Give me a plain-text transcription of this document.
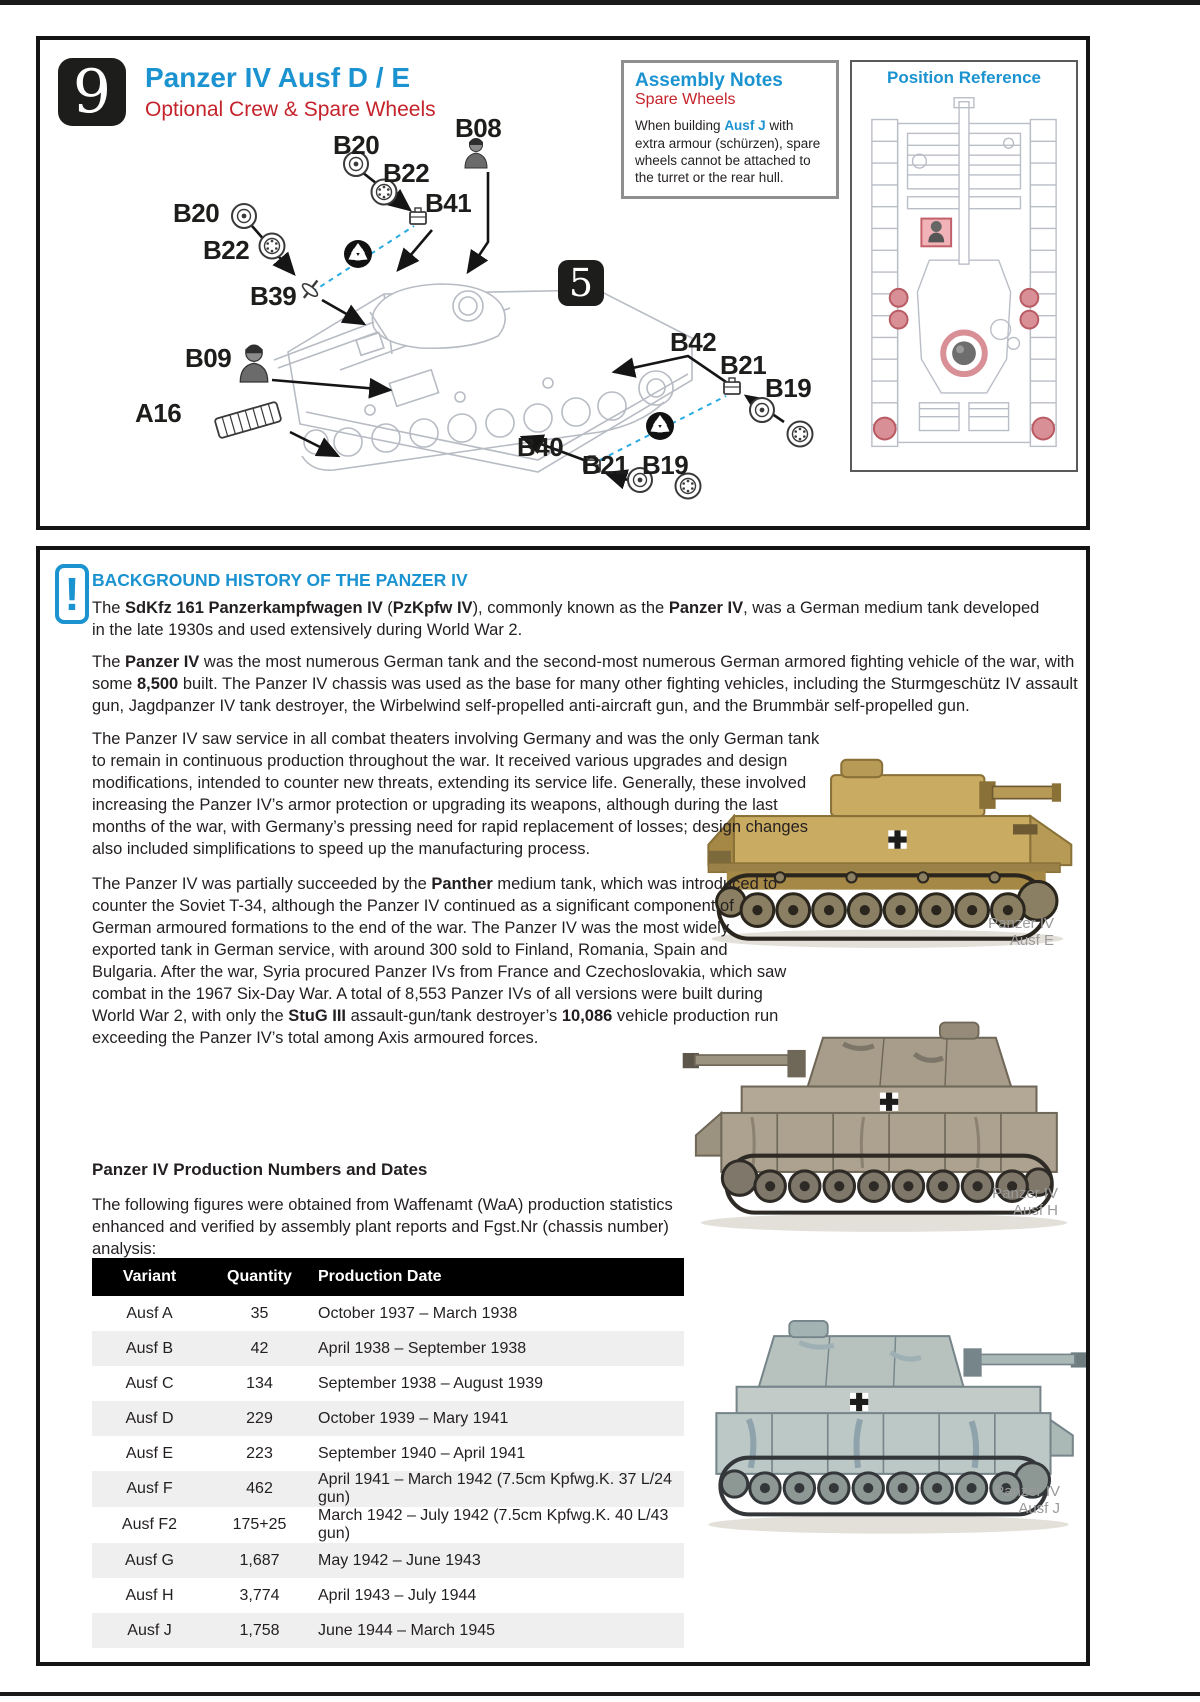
9	Panzer IV Ausf D / E
Optional Crew & Spare Wheels
5
B20
B22
B08
B41
B20
B22
B39
B09
A16
B42
B21
B19
B40
B21 B19
Assembly Notes
Spare Wheels
When building Ausf J with extra armour (schürzen), spare wheels cannot be attached to the turret or the rear hull.
Position Reference
! BACKGROUND HISTORY OF THE PANZER IV

The SdKfz 161 Panzerkampfwagen IV (PzKpfw IV), commonly known as the Panzer IV, was a German medium tank developed in the late 1930s and used extensively during World War 2.

The Panzer IV was the most numerous German tank and the second-most numerous German armored fighting vehicle of the war, with some 8,500 built. The Panzer IV chassis was used as the base for many other fighting vehicles, including the Sturmgeschütz IV assault gun, Jagdpanzer IV tank destroyer, the Wirbelwind self-propelled anti-aircraft gun, and the Brummbär self-propelled gun.

The Panzer IV saw service in all combat theaters involving Germany and was the only German tank to remain in continuous production throughout the war. It received various upgrades and design modifications, intended to counter new threats, extending its service life. Generally, these involved increasing the Panzer IV’s armor protection or upgrading its weapons, although during the last months of the war, with Germany’s pressing need for rapid replacement of losses; design changes also included simplifications to speed up the manufacturing process.

The Panzer IV was partially succeeded by the Panther medium tank, which was introduced to counter the Soviet T-34, although the Panzer IV continued as a significant component of German armoured formations to the end of the war. The Panzer IV was the most widely exported tank in German service, with around 300 sold to Finland, Romania, Spain and Bulgaria. After the war, Syria procured Panzer IVs from France and Czechoslovakia, which saw combat in the 1967 Six-Day War. A total of 8,553 Panzer IVs of all versions were built during World War 2, with only the StuG III assault-gun/tank destroyer’s 10,086 vehicle production run exceeding the Panzer IV’s total among Axis armoured forces.

Panzer IV Production Numbers and Dates

The following figures were obtained from Waffenamt (WaA) production statistics enhanced and verified by assembly plant reports and Fgst.Nr (chassis number) analysis:

Variant	Quantity	Production Date
Ausf A	35	October 1937 – March 1938
Ausf B	42	April 1938 – September 1938
Ausf C	134	September 1938 – August 1939
Ausf D	229	October 1939 – Mary 1941
Ausf E	223	September 1940 – April 1941
Ausf F	462	April 1941 – March 1942 (7.5cm Kpfwg.K. 37 L/24 gun)
Ausf F2	175+25	March 1942 – July 1942 (7.5cm Kpfwg.K. 40 L/43 gun)
Ausf G	1,687	May 1942 – June 1943
Ausf H	3,774	April 1943 – July 1944
Ausf J	1,758	June 1944 – March 1945
Panzer IV
Ausf E
Panzer IV
Ausf H
Panzer IV
Ausf J
